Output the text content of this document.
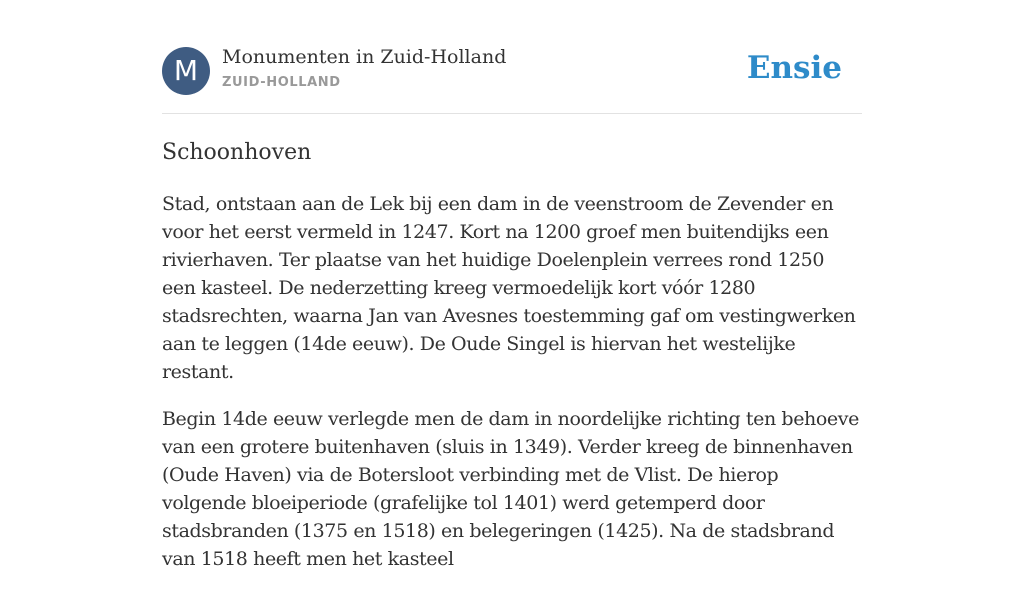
M	Monumenten in Zuid-Holland
ZUID-HOLLAND	Ensie
Schoonhoven

Stad, ontstaan aan de Lek bij een dam in de veenstroom de Zevender en voor het eerst vermeld in 1247. Kort na 1200 groef men buitendijks een rivierhaven. Ter plaatse van het huidige Doelenplein verrees rond 1250 een kasteel. De nederzetting kreeg vermoedelijk kort vóór 1280 stadsrechten, waarna Jan van Avesnes toestemming gaf om vestingwerken aan te leggen (14de eeuw). De Oude Singel is hiervan het westelijke restant.

Begin 14de eeuw verlegde men de dam in noordelijke richting ten behoeve van een grotere buitenhaven (sluis in 1349). Verder kreeg de binnenhaven (Oude Haven) via de Botersloot verbinding met de Vlist. De hierop volgende bloeiperiode (grafelijke tol 1401) werd getemperd door stadsbranden (1375 en 1518) en belegeringen (1425). Na de stadsbrand van 1518 heeft men het kasteel
